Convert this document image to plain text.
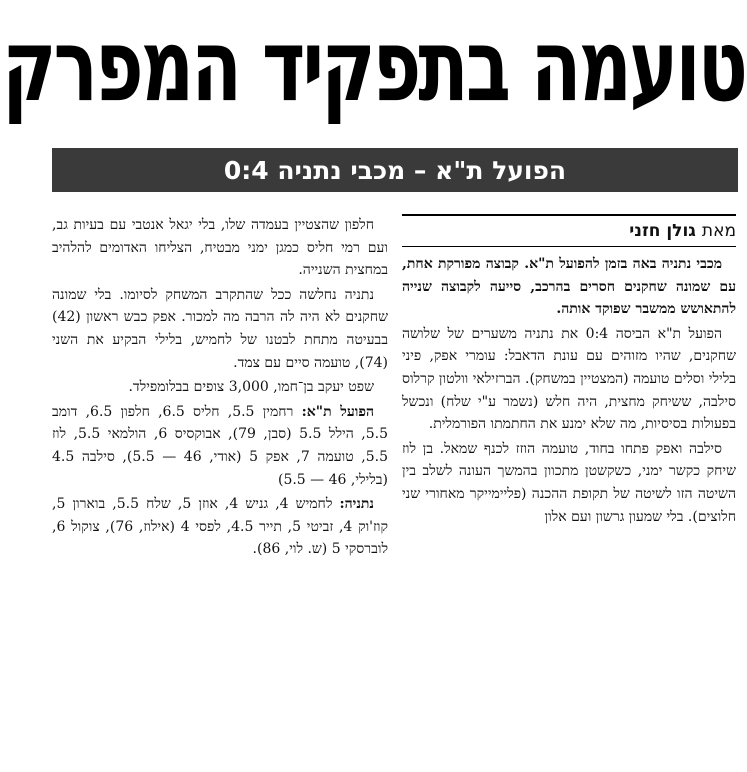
טועמה בתפקיד המפרק
הפועל ת"א – מכבי נתניה 0:4
מאת
גולן חזני

מכבי נתניה באה בזמן להפועל ת"א. קבוצה מפורקת אחת, עם שמונה שחקנים חסרים בהרכב, סייעה לקבוצה שנייה להתאושש ממשבר שפוקד אותה.

הפועל ת"א הביסה 0:4 את נתניה משערים של שלושה שחקנים, שהיו מזוהים עם עונת הדאבל: עומרי אפק, פיני בלילי וסלים טועמה (המצטיין במשחק). הברזילאי וולטון קרלוס סילבה, ששיחק מחצית, היה חלש (נשמר ע"י שלח) ונכשל בפעולות בסיסיות, מה שלא ימנע את החתמתו הפורמלית.

סילבה ואפק פתחו בחוד, טועמה הוזז לכנף שמאל. בן לוז שיחק כקשר ימני, כשקשטן מתכוון בהמשך העונה לשלב בין השיטה הזו לשיטה של תקופת ההכנה (פליימייקר מאחורי שני חלוצים). בלי שמעון גרשון ועם אלון

חלפון שהצטיין בעמדה שלו, בלי יגאל אנטבי עם בעיות גב, ועם רמי חליס כמגן ימני מבטיח, הצליחו האדומים להלהיב במחצית השנייה.

נתניה נחלשה ככל שהתקרב המשחק לסיומו. בלי שמונה שחקנים לא היה לה הרבה מה למכור. אפק כבש ראשון (42) בבעיטה מתחת לבטנו של לחמיש, בלילי הבקיע את השני (74), טועמה סיים עם צמד.

שפט יעקב בן־חמו, 3,000 צופים בבלומפילד.

הפועל ת"א: רחמין 5.5, חליס 6.5, חלפון 6.5, דומב 5.5, הילל 5.5 (סבן, 79), אבוקסיס 6, הולמאי 5.5, לוז 5.5, טועמה 7, אפק 5 (אודי, 46 — 5.5), סילבה 4.5 (בלילי, 46 — 5.5)

נתניה: לחמיש 4, גניש 4, אוזן 5, שלח 5.5, בוארון 5, קוז'וק 4, זביטי 5, תייר 4.5, לפסי 4 (אילוז, 76), צוקול 6, לוברסקי 5 (ש. לוי, 86).
